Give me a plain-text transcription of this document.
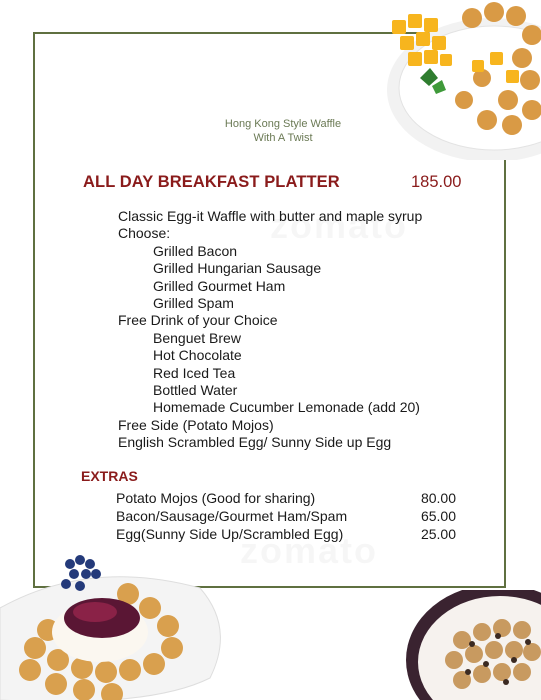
Hong Kong Style Waffle
With A Twist
ALL DAY BREAKFAST PLATTER	185.00
Classic Egg-it Waffle with butter and maple syrup
Choose:
Grilled Bacon
Grilled Hungarian Sausage
Grilled Gourmet Ham
Grilled Spam
Free Drink of your Choice
Benguet Brew
Hot Chocolate
Red Iced Tea
Bottled Water
Homemade Cucumber Lemonade (add 20)
Free Side (Potato Mojos)
English Scrambled Egg/ Sunny Side up Egg
EXTRAS
Potato Mojos (Good for sharing)	80.00
Bacon/Sausage/Gourmet Ham/Spam	65.00
Egg(Sunny Side Up/Scrambled Egg)	25.00
